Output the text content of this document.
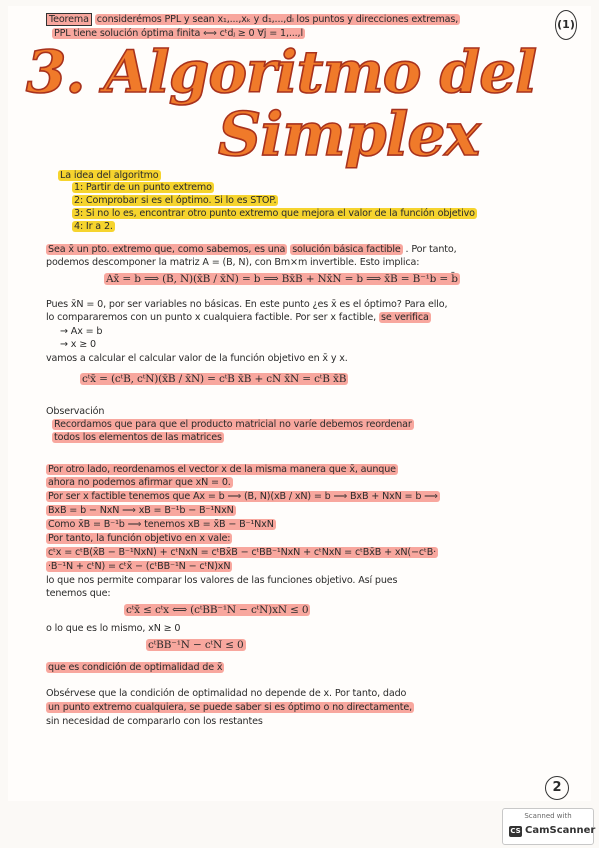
Teorema considerémos PPL y sean x₁,...,xₖ y d₁,...,dₗ los puntos y direcciones extremas,
PPL tiene solución óptima finita ⟺ cᵗdⱼ ≥ 0 ∀j = 1,...,l
(1)
3. Algoritmo del
Simplex
La idea del algoritmo
1: Partir de un punto extremo
2: Comprobar si es el óptimo. Si lo es STOP.
3: Si no lo es, encontrar otro punto extremo que mejora el valor de la función objetivo
4: Ir a 2.
Sea x̄ un pto. extremo que, como sabemos, es una solución básica factible . Por tanto,
podemos descomponer la matriz A = (B, N), con Bm×m invertible. Esto implica:
Ax̄ = b ⟹ (B, N)(x̄B / x̄N) = b ⟹ Bx̄B + Nx̄N = b ⟹ x̄B = B⁻¹b = b̄
Pues x̄N = 0, por ser variables no básicas. En este punto ¿es x̄ es el óptimo? Para ello,
lo compararemos con un punto x cualquiera factible. Por ser x factible, se verifica
→ Ax = b
→ x ≥ 0
vamos a calcular el calcular valor de la función objetivo en x̄ y x.
cᵗx̄ = (cᵗB, cᵗN)(x̄B / x̄N) = cᵗB x̄B + cN x̄N = cᵗB x̄B
Observación
Recordamos que para que el producto matricial no varíe debemos reordenar
todos los elementos de las matrices
Por otro lado, reordenamos el vector x de la misma manera que x̄, aunque
ahora no podemos afirmar que xN = 0.
Por ser x factible tenemos que Ax = b ⟹ (B, N)(xB / xN) = b ⟹ BxB + NxN = b ⟹
BxB = b − NxN ⟹ xB = B⁻¹b − B⁻¹NxN
Como x̄B = B⁻¹b ⟹ tenemos xB = x̄B − B⁻¹NxN
Por tanto, la función objetivo en x vale:
cᵗx = cᵗB(x̄B − B⁻¹NxN) + cᵗNxN = cᵗBx̄B − cᵗBB⁻¹NxN + cᵗNxN = cᵗBx̄B + xN(−cᵗB·
·B⁻¹N + cᵗN) = cᵗx̄ − (cᵗBB⁻¹N − cᵗN)xN
lo que nos permite comparar los valores de las funciones objetivo. Así pues
tenemos que:
cᵗx̄ ≤ cᵗx ⟺ (cᵗBB⁻¹N − cᵗN)xN ≤ 0
o lo que es lo mismo, xN ≥ 0
cᵗBB⁻¹N − cᵗN ≤ 0
que es condición de optimalidad de x̄
Obsérvese que la condición de optimalidad no depende de x. Por tanto, dado
un punto extremo cualquiera, se puede saber si es óptimo o no directamente,
sin necesidad de compararlo con los restantes
2
Scanned with
CS CamScanner
